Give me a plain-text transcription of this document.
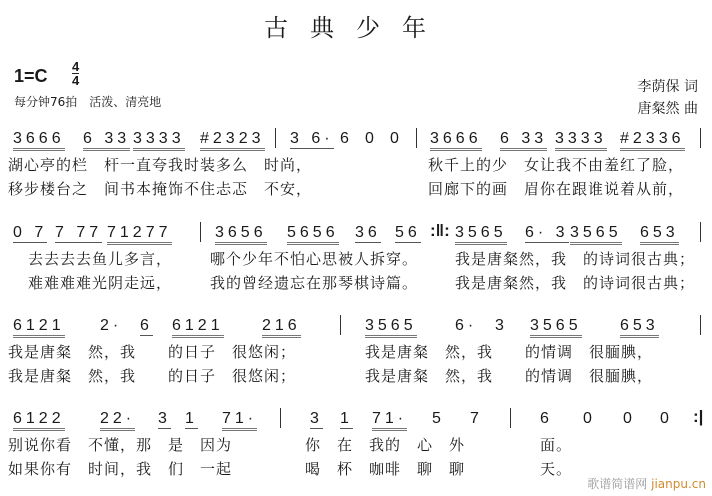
古典少年
$1=C \frac{4}{4}$
每分钟76拍　活泼、清亮地
李荫保 词
唐粲然 曲
3666 6 33 3333 #2323 3 6· 6 0 0 3666 6 33 3333 #2336
湖心亭的栏　杆一直夸我时装多么　时尚，	秋千上的少　女让我不由羞红了脸，
移步楼台之　间书本掩饰不住忐忑　不安，	回廊下的画　眉你在跟谁说着从前，
0 7 7 77 71277	3656 5656 36 56 :‖: 3565 6· 3 3565 653
去去去去鱼儿多言，	哪个少年不怕心思被人拆穿。 我是唐粲然，我　的诗词很古典；
难难难难光阴走远，	我的曾经遗忘在那琴棋诗篇。 我是唐粲然，我　的诗词很古典；
6121 2· 6 6121 216	3565 6· 3 3565 653
我是唐粲　然，我　　的日子　很悠闲；	我是唐粲　然，我　　的情调　很腼腆，
我是唐粲　然，我　　的日子　很悠闲；	我是唐粲　然，我　　的情调　很腼腆，
6122 22· 3 1 71·	3 1 71· 5 7	6 0 0 0 :|
别说你看　不懂，那　是　因为	你　在　我的　心　外	面。
如果你有　时间，我　们　一起	喝　杯　咖啡　聊　聊	天。
歌谱简谱网 jianpu.cn
